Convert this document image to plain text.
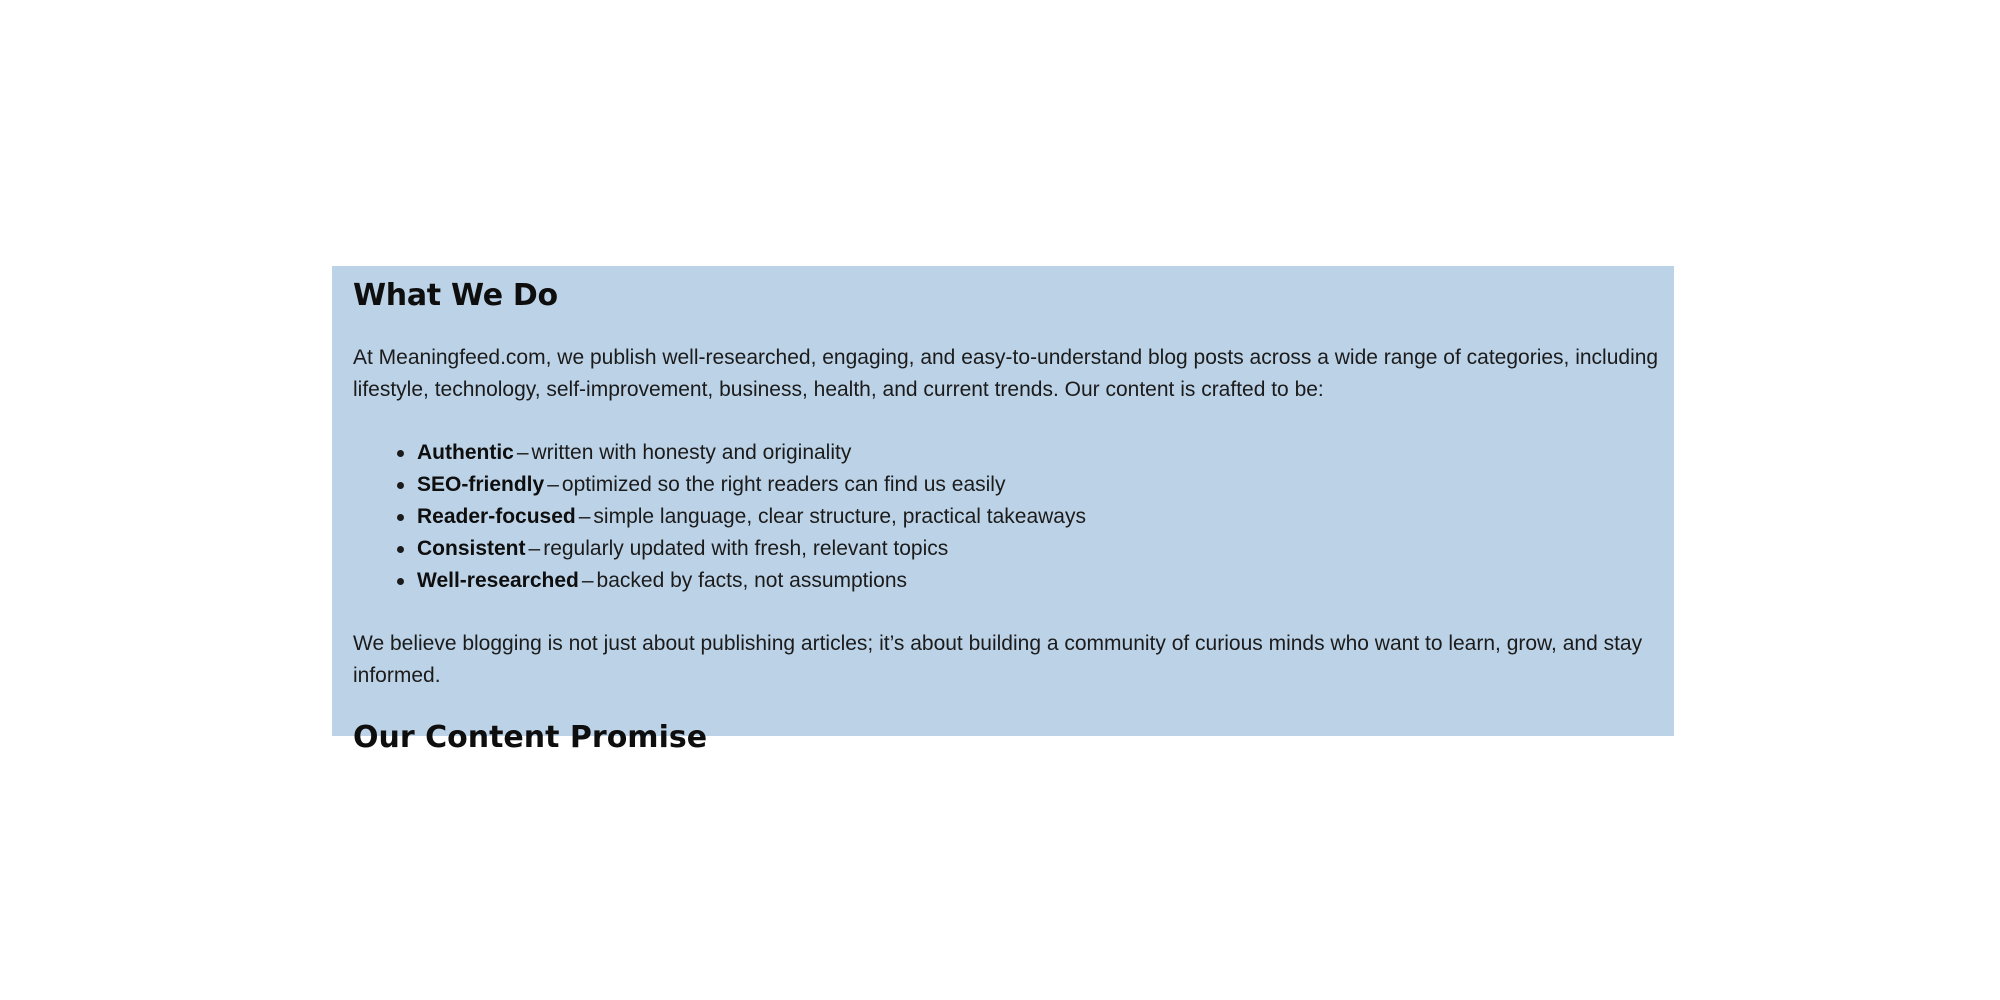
What We Do

At Meaningfeed.com, we publish well-researched, engaging, and easy-to-understand blog posts across a wide range of categories, including lifestyle, technology, self-improvement, business, health, and current trends. Our content is crafted to be:

Authentic – written with honesty and originality
SEO-friendly – optimized so the right readers can find us easily
Reader-focused – simple language, clear structure, practical takeaways
Consistent – regularly updated with fresh, relevant topics
Well-researched – backed by facts, not assumptions

We believe blogging is not just about publishing articles; it’s about building a community of curious minds who want to learn, grow, and stay informed.

Our Content Promise
